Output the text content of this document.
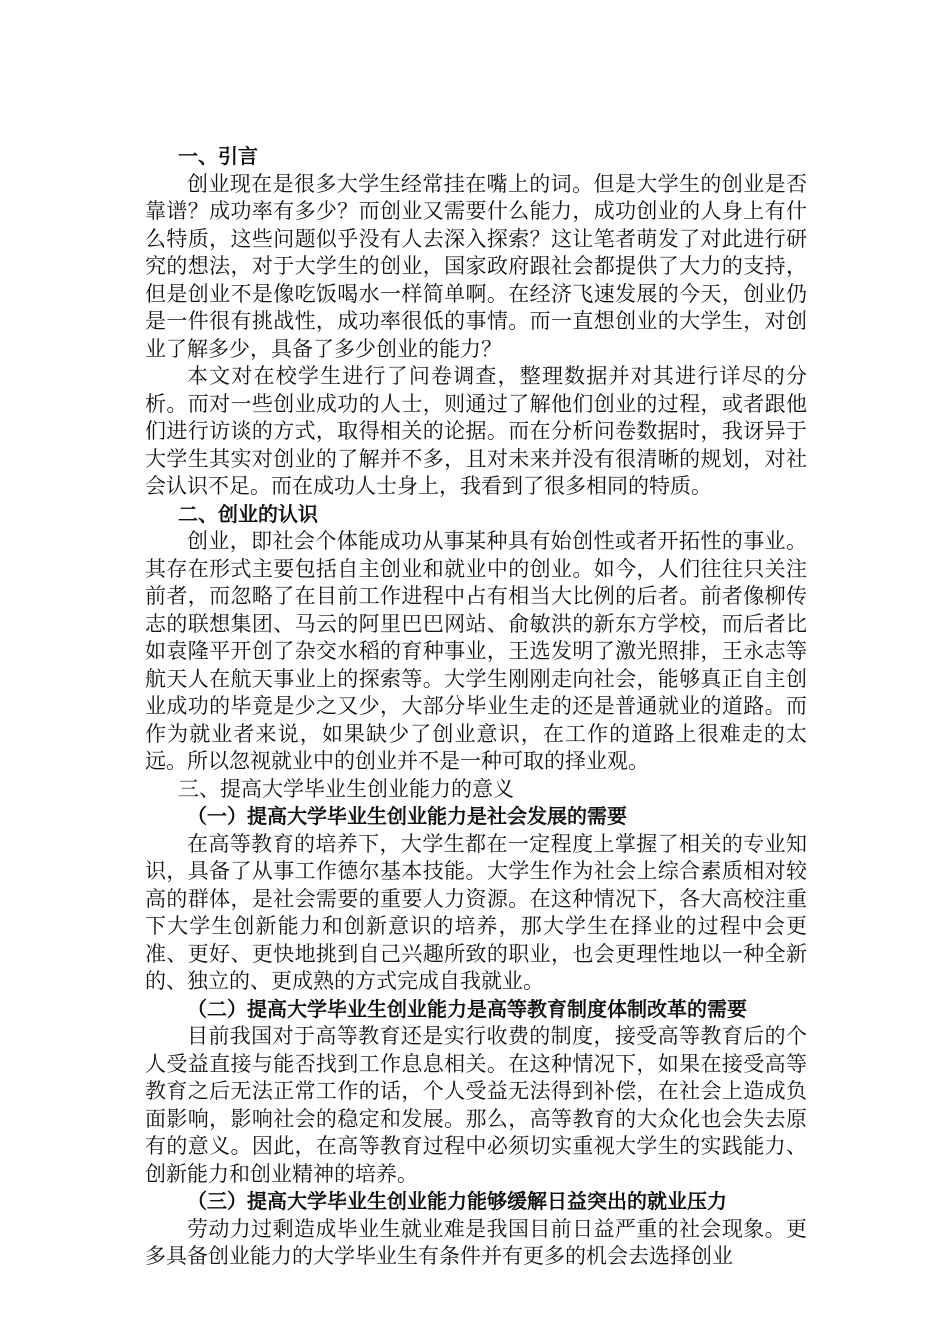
一、引言

创业现在是很多大学生经常挂在嘴上的词。但是大学生的创业是否靠谱？成功率有多少？而创业又需要什么能力，成功创业的人身上有什么特质，这些问题似乎没有人去深入探索？这让笔者萌发了对此进行研究的想法，对于大学生的创业，国家政府跟社会都提供了大力的支持，但是创业不是像吃饭喝水一样简单啊。在经济飞速发展的今天，创业仍是一件很有挑战性，成功率很低的事情。而一直想创业的大学生，对创业了解多少，具备了多少创业的能力？

本文对在校学生进行了问卷调查，整理数据并对其进行详尽的分析。而对一些创业成功的人士，则通过了解他们创业的过程，或者跟他们进行访谈的方式，取得相关的论据。而在分析问卷数据时，我讶异于大学生其实对创业的了解并不多，且对未来并没有很清晰的规划，对社会认识不足。而在成功人士身上，我看到了很多相同的特质。

二、创业的认识

创业，即社会个体能成功从事某种具有始创性或者开拓性的事业。其存在形式主要包括自主创业和就业中的创业。如今，人们往往只关注前者，而忽略了在目前工作进程中占有相当大比例的后者。前者像柳传志的联想集团、马云的阿里巴巴网站、俞敏洪的新东方学校，而后者比如袁隆平开创了杂交水稻的育种事业，王选发明了激光照排，王永志等航天人在航天事业上的探索等。大学生刚刚走向社会，能够真正自主创业成功的毕竟是少之又少，大部分毕业生走的还是普通就业的道路。而作为就业者来说，如果缺少了创业意识，在工作的道路上很难走的太远。所以忽视就业中的创业并不是一种可取的择业观。

三、提高大学毕业生创业能力的意义
（一）提高大学毕业生创业能力是社会发展的需要

在高等教育的培养下，大学生都在一定程度上掌握了相关的专业知识，具备了从事工作德尔基本技能。大学生作为社会上综合素质相对较高的群体，是社会需要的重要人力资源。在这种情况下，各大高校注重下大学生创新能力和创新意识的培养，那大学生在择业的过程中会更准、更好、更快地挑到自己兴趣所致的职业，也会更理性地以一种全新的、独立的、更成熟的方式完成自我就业。

（二）提高大学毕业生创业能力是高等教育制度体制改革的需要

目前我国对于高等教育还是实行收费的制度，接受高等教育后的个人受益直接与能否找到工作息息相关。在这种情况下，如果在接受高等教育之后无法正常工作的话，个人受益无法得到补偿，在社会上造成负面影响，影响社会的稳定和发展。那么，高等教育的大众化也会失去原有的意义。因此，在高等教育过程中必须切实重视大学生的实践能力、创新能力和创业精神的培养。

（三）提高大学毕业生创业能力能够缓解日益突出的就业压力

劳动力过剩造成毕业生就业难是我国目前日益严重的社会现象。更多具备创业能力的大学毕业生有条件并有更多的机会去选择创业
